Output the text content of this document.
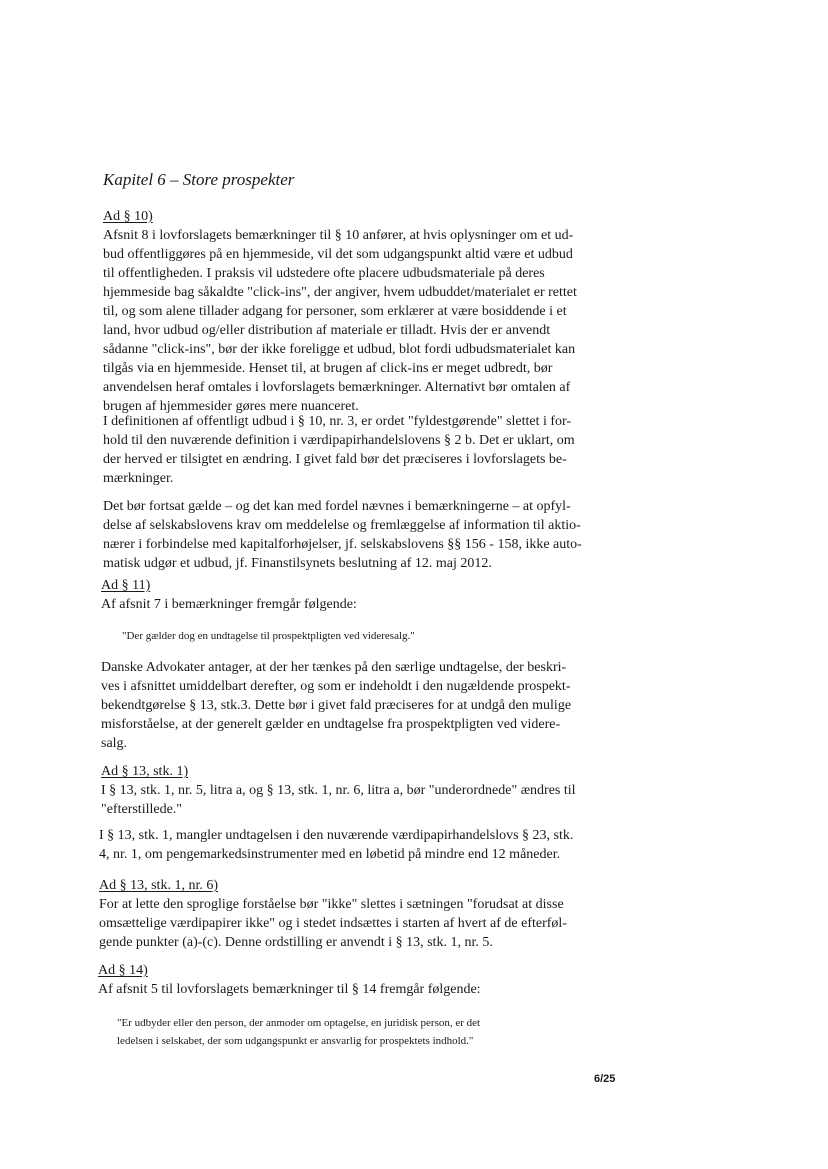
Kapitel 6 – Store prospekter
Ad § 10)
Afsnit 8 i lovforslagets bemærkninger til § 10 anfører, at hvis oplysninger om et ud-
bud offentliggøres på en hjemmeside, vil det som udgangspunkt altid være et udbud
til offentligheden. I praksis vil udstedere ofte placere udbudsmateriale på deres
hjemmeside bag såkaldte "click-ins", der angiver, hvem udbuddet/materialet er rettet
til, og som alene tillader adgang for personer, som erklærer at være bosiddende i et
land, hvor udbud og/eller distribution af materiale er tilladt. Hvis der er anvendt
sådanne "click-ins", bør der ikke foreligge et udbud, blot fordi udbudsmaterialet kan
tilgås via en hjemmeside. Henset til, at brugen af click-ins er meget udbredt, bør
anvendelsen heraf omtales i lovforslagets bemærkninger. Alternativt bør omtalen af
brugen af hjemmesider gøres mere nuanceret.
I definitionen af offentligt udbud i § 10, nr. 3, er ordet "fyldestgørende" slettet i for-
hold til den nuværende definition i værdipapirhandelslovens § 2 b. Det er uklart, om
der herved er tilsigtet en ændring. I givet fald bør det præciseres i lovforslagets be-
mærkninger.
Det bør fortsat gælde – og det kan med fordel nævnes i bemærkningerne – at opfyl-
delse af selskabslovens krav om meddelelse og fremlæggelse af information til aktio-
nærer i forbindelse med kapitalforhøjelser, jf. selskabslovens §§ 156 - 158, ikke auto-
matisk udgør et udbud, jf. Finanstilsynets beslutning af 12. maj 2012.
Ad § 11)
Af afsnit 7 i bemærkninger fremgår følgende:
"Der gælder dog en undtagelse til prospektpligten ved videresalg."
Danske Advokater antager, at der her tænkes på den særlige undtagelse, der beskri-
ves i afsnittet umiddelbart derefter, og som er indeholdt i den nugældende prospekt-
bekendtgørelse § 13, stk.3. Dette bør i givet fald præciseres for at undgå den mulige
misforståelse, at der generelt gælder en undtagelse fra prospektpligten ved videre-
salg.
Ad § 13, stk. 1)
I § 13, stk. 1, nr. 5, litra a, og § 13, stk. 1, nr. 6, litra a, bør "underordnede" ændres til
"efterstillede."
I § 13, stk. 1, mangler undtagelsen i den nuværende værdipapirhandelslovs § 23, stk.
4, nr. 1, om pengemarkedsinstrumenter med en løbetid på mindre end 12 måneder.
Ad § 13, stk. 1, nr. 6)
For at lette den sproglige forståelse bør "ikke" slettes i sætningen "forudsat at disse
omsættelige værdipapirer ikke" og i stedet indsættes i starten af hvert af de efterføl-
gende punkter (a)-(c). Denne ordstilling er anvendt i § 13, stk. 1, nr. 5.
Ad § 14)
Af afsnit 5 til lovforslagets bemærkninger til § 14 fremgår følgende:
"Er udbyder eller den person, der anmoder om optagelse, en juridisk person, er det
ledelsen i selskabet, der som udgangspunkt er ansvarlig for prospektets indhold."
6/25
